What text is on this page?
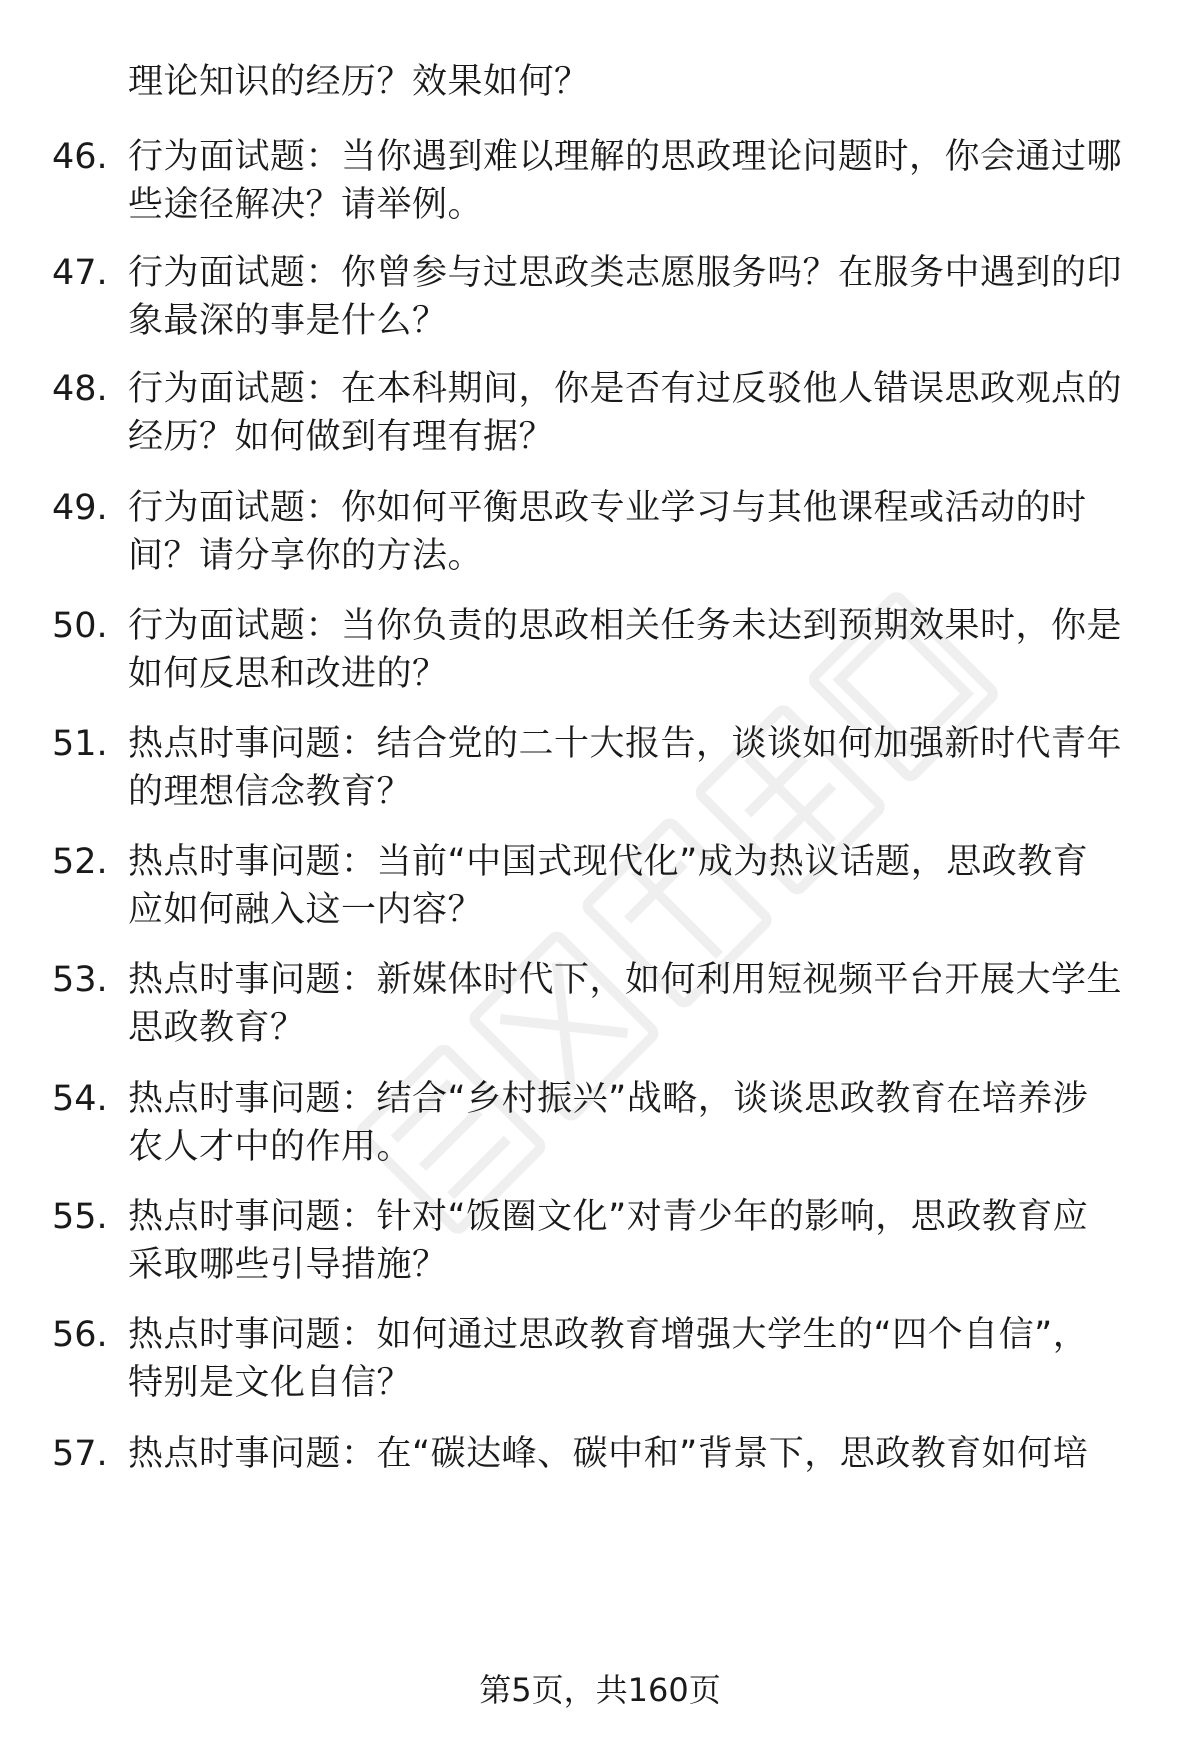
理论知识的经历？效果如何？
46. 行为面试题：当你遇到难以理解的思政理论问题时，你会通过哪
些途径解决？请举例。
47. 行为面试题：你曾参与过思政类志愿服务吗？在服务中遇到的印
象最深的事是什么？
48. 行为面试题：在本科期间，你是否有过反驳他人错误思政观点的
经历？如何做到有理有据？
49. 行为面试题：你如何平衡思政专业学习与其他课程或活动的时
间？请分享你的方法。
50. 行为面试题：当你负责的思政相关任务未达到预期效果时，你是
如何反思和改进的？
51. 热点时事问题：结合党的二十大报告，谈谈如何加强新时代青年
的理想信念教育？
52. 热点时事问题：当前“中国式现代化”成为热议话题，思政教育
应如何融入这一内容？
53. 热点时事问题：新媒体时代下，如何利用短视频平台开展大学生
思政教育？
54. 热点时事问题：结合“乡村振兴”战略，谈谈思政教育在培养涉
农人才中的作用。
55. 热点时事问题：针对“饭圈文化”对青少年的影响，思政教育应
采取哪些引导措施？
56. 热点时事问题：如何通过思政教育增强大学生的“四个自信”，
特别是文化自信？
57. 热点时事问题：在“碳达峰、碳中和”背景下，思政教育如何培
第5页，共160页
